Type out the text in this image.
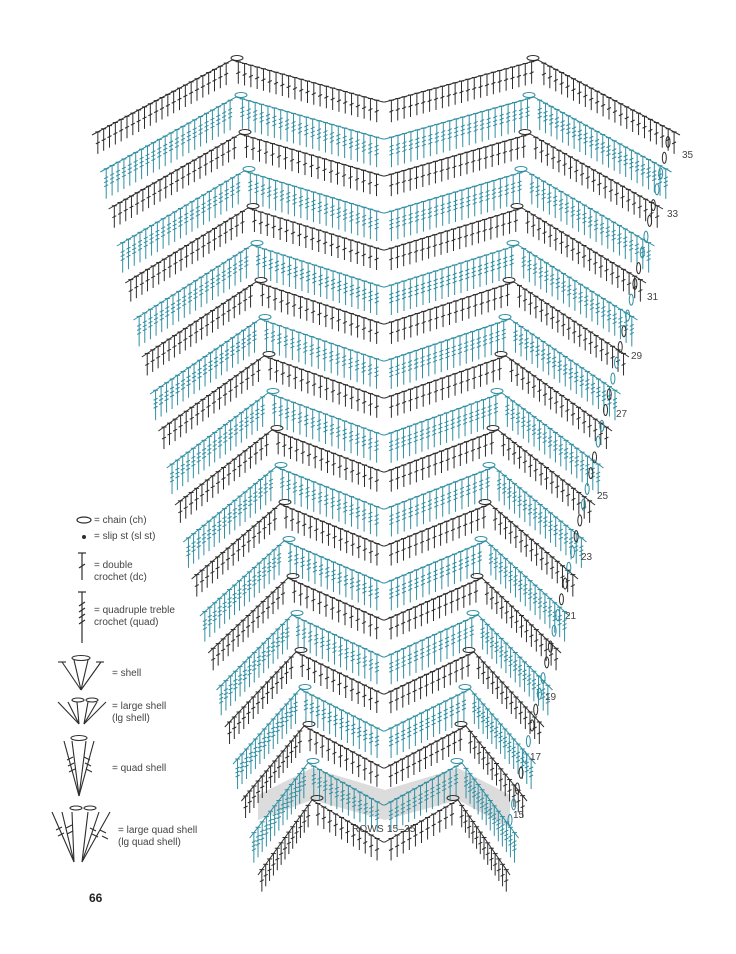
= chain (ch)
= slip st (sl st)
= double
crochet (dc)
= quadruple treble
crochet (quad)
= shell
= large shell
(lg shell)
= quad shell
= large quad shell
(lg quad shell)
15
17
19
21
23
25
27
29
31
33
35
ROWS 15–35
66
